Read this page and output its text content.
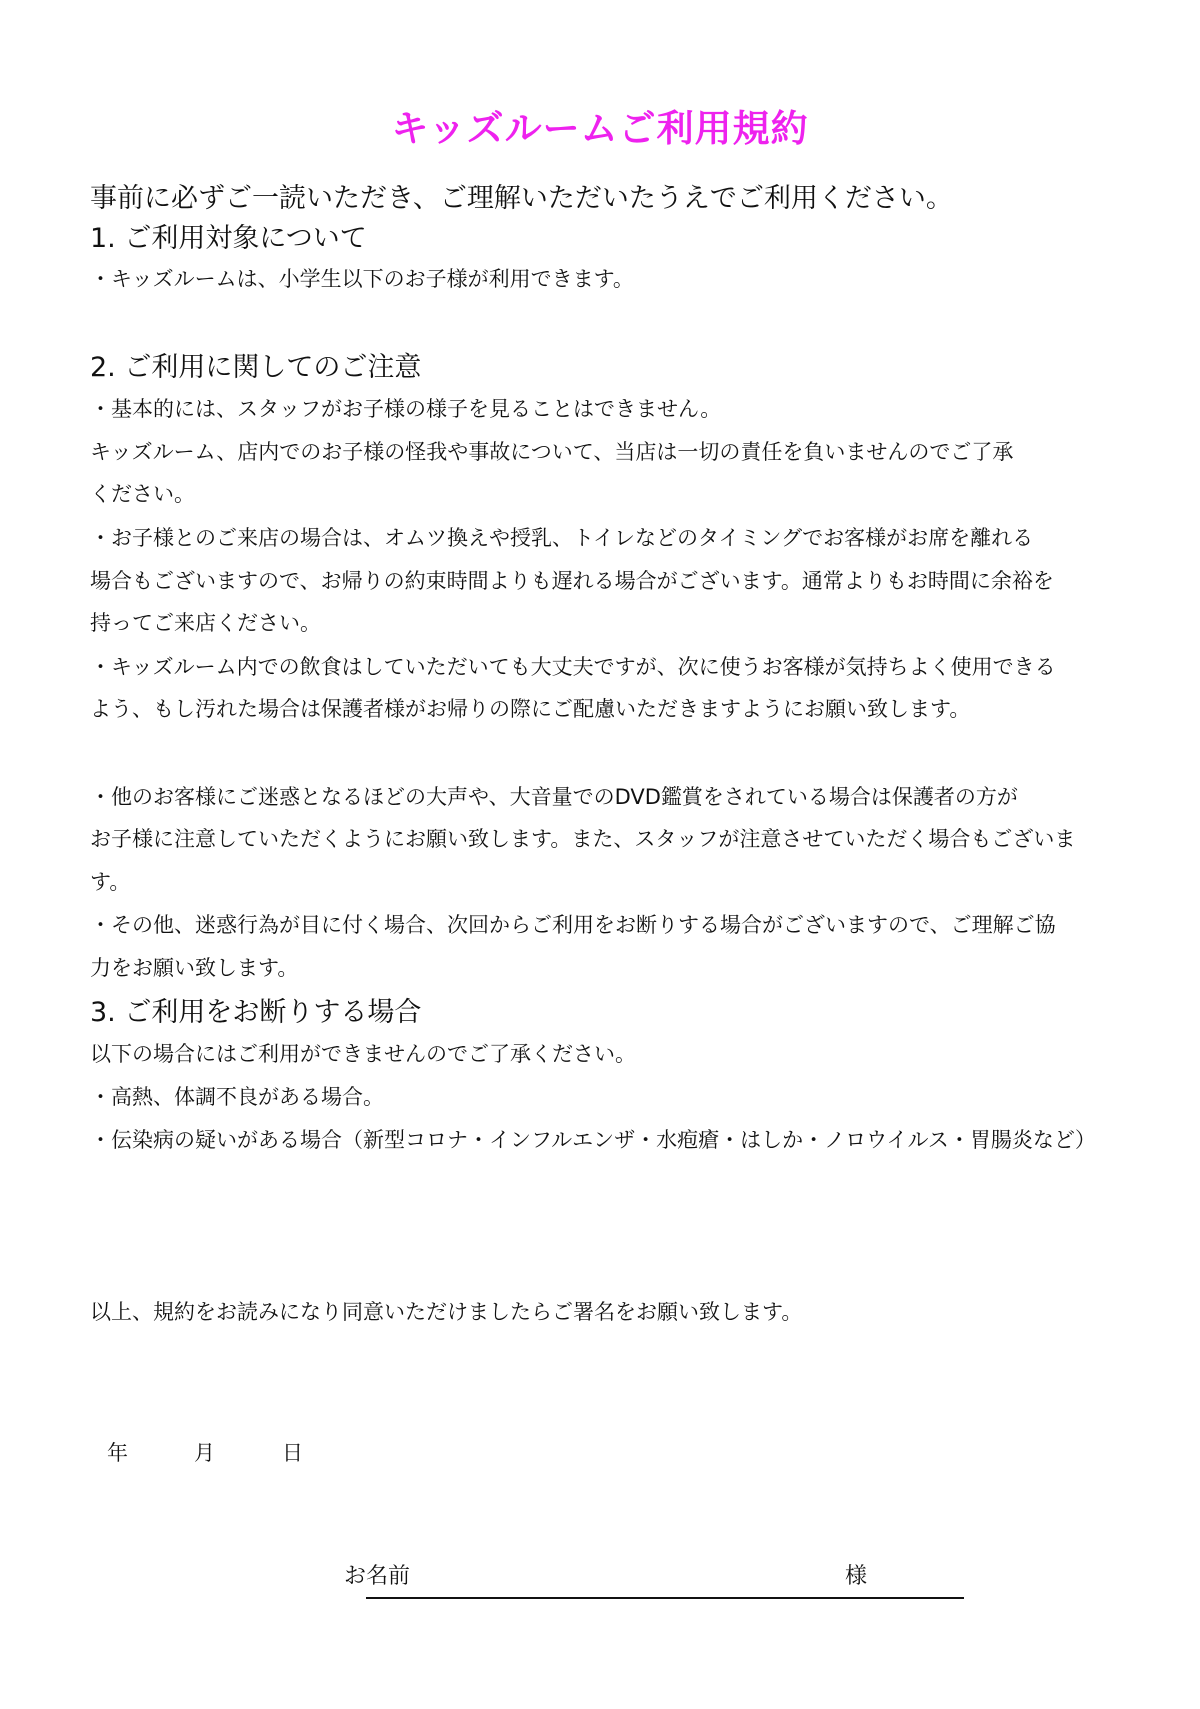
キッズルームご利用規約

事前に必ずご一読いただき、ご理解いただいたうえでご利用ください。

1. ご利用対象について

・キッズルームは、小学生以下のお子様が利用できます。

2. ご利用に関してのご注意

・基本的には、スタッフがお子様の様子を見ることはできません。

キッズルーム、店内でのお子様の怪我や事故について、当店は一切の責任を負いませんのでご了承

ください。

・お子様とのご来店の場合は、オムツ換えや授乳、トイレなどのタイミングでお客様がお席を離れる

場合もございますので、お帰りの約束時間よりも遅れる場合がございます。通常よりもお時間に余裕を

持ってご来店ください。

・キッズルーム内での飲食はしていただいても大丈夫ですが、次に使うお客様が気持ちよく使用できる

よう、もし汚れた場合は保護者様がお帰りの際にご配慮いただきますようにお願い致します。

・他のお客様にご迷惑となるほどの大声や、大音量でのDVD鑑賞をされている場合は保護者の方が

お子様に注意していただくようにお願い致します。また、スタッフが注意させていただく場合もございま

す。

・その他、迷惑行為が目に付く場合、次回からご利用をお断りする場合がございますので、ご理解ご協

力をお願い致します。

3. ご利用をお断りする場合

以下の場合にはご利用ができませんのでご了承ください。

・高熱、体調不良がある場合。

・伝染病の疑いがある場合（新型コロナ・インフルエンザ・水疱瘡・はしか・ノロウイルス・胃腸炎など）

以上、規約をお読みになり同意いただけましたらご署名をお願い致します。

年	月	日
お名前	様
